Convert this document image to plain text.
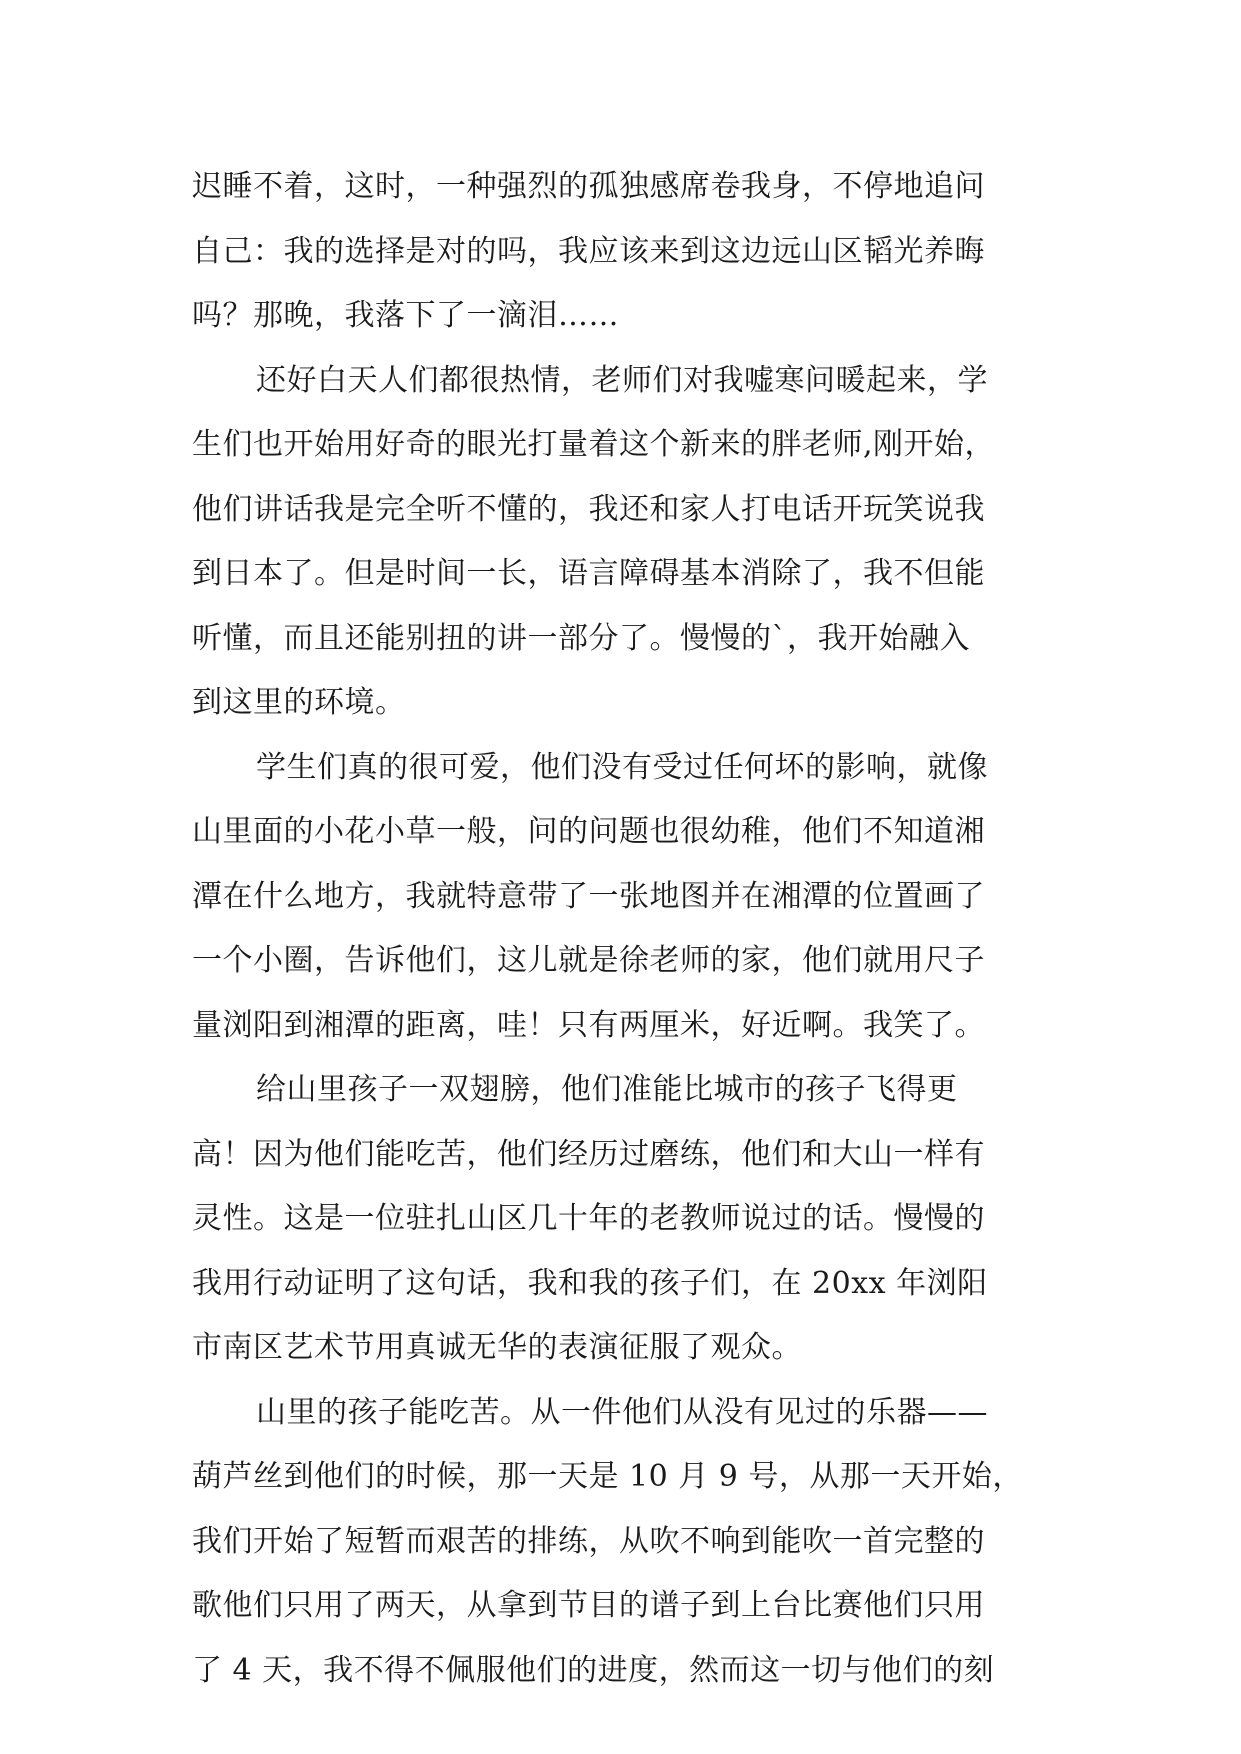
迟睡不着，这时，一种强烈的孤独感席卷我身，不停地追问
自己：我的选择是对的吗，我应该来到这边远山区韬光养晦
吗？那晚，我落下了一滴泪……
还好白天人们都很热情，老师们对我嘘寒问暖起来，学
生们也开始用好奇的眼光打量着这个新来的胖老师,刚开始，
他们讲话我是完全听不懂的，我还和家人打电话开玩笑说我
到日本了。但是时间一长，语言障碍基本消除了，我不但能
听懂，而且还能别扭的讲一部分了。慢慢的`，我开始融入
到这里的环境。
学生们真的很可爱，他们没有受过任何坏的影响，就像
山里面的小花小草一般，问的问题也很幼稚，他们不知道湘
潭在什么地方，我就特意带了一张地图并在湘潭的位置画了
一个小圈，告诉他们，这儿就是徐老师的家，他们就用尺子
量浏阳到湘潭的距离，哇！只有两厘米，好近啊。我笑了。
给山里孩子一双翅膀，他们准能比城市的孩子飞得更
高！因为他们能吃苦，他们经历过磨练，他们和大山一样有
灵性。这是一位驻扎山区几十年的老教师说过的话。慢慢的
我用行动证明了这句话，我和我的孩子们，在 20xx 年浏阳
市南区艺术节用真诚无华的表演征服了观众。
山里的孩子能吃苦。从一件他们从没有见过的乐器——
葫芦丝到他们的时候，那一天是 10 月 9 号，从那一天开始，
我们开始了短暂而艰苦的排练，从吹不响到能吹一首完整的
歌他们只用了两天，从拿到节目的谱子到上台比赛他们只用
了 4 天，我不得不佩服他们的进度，然而这一切与他们的刻
